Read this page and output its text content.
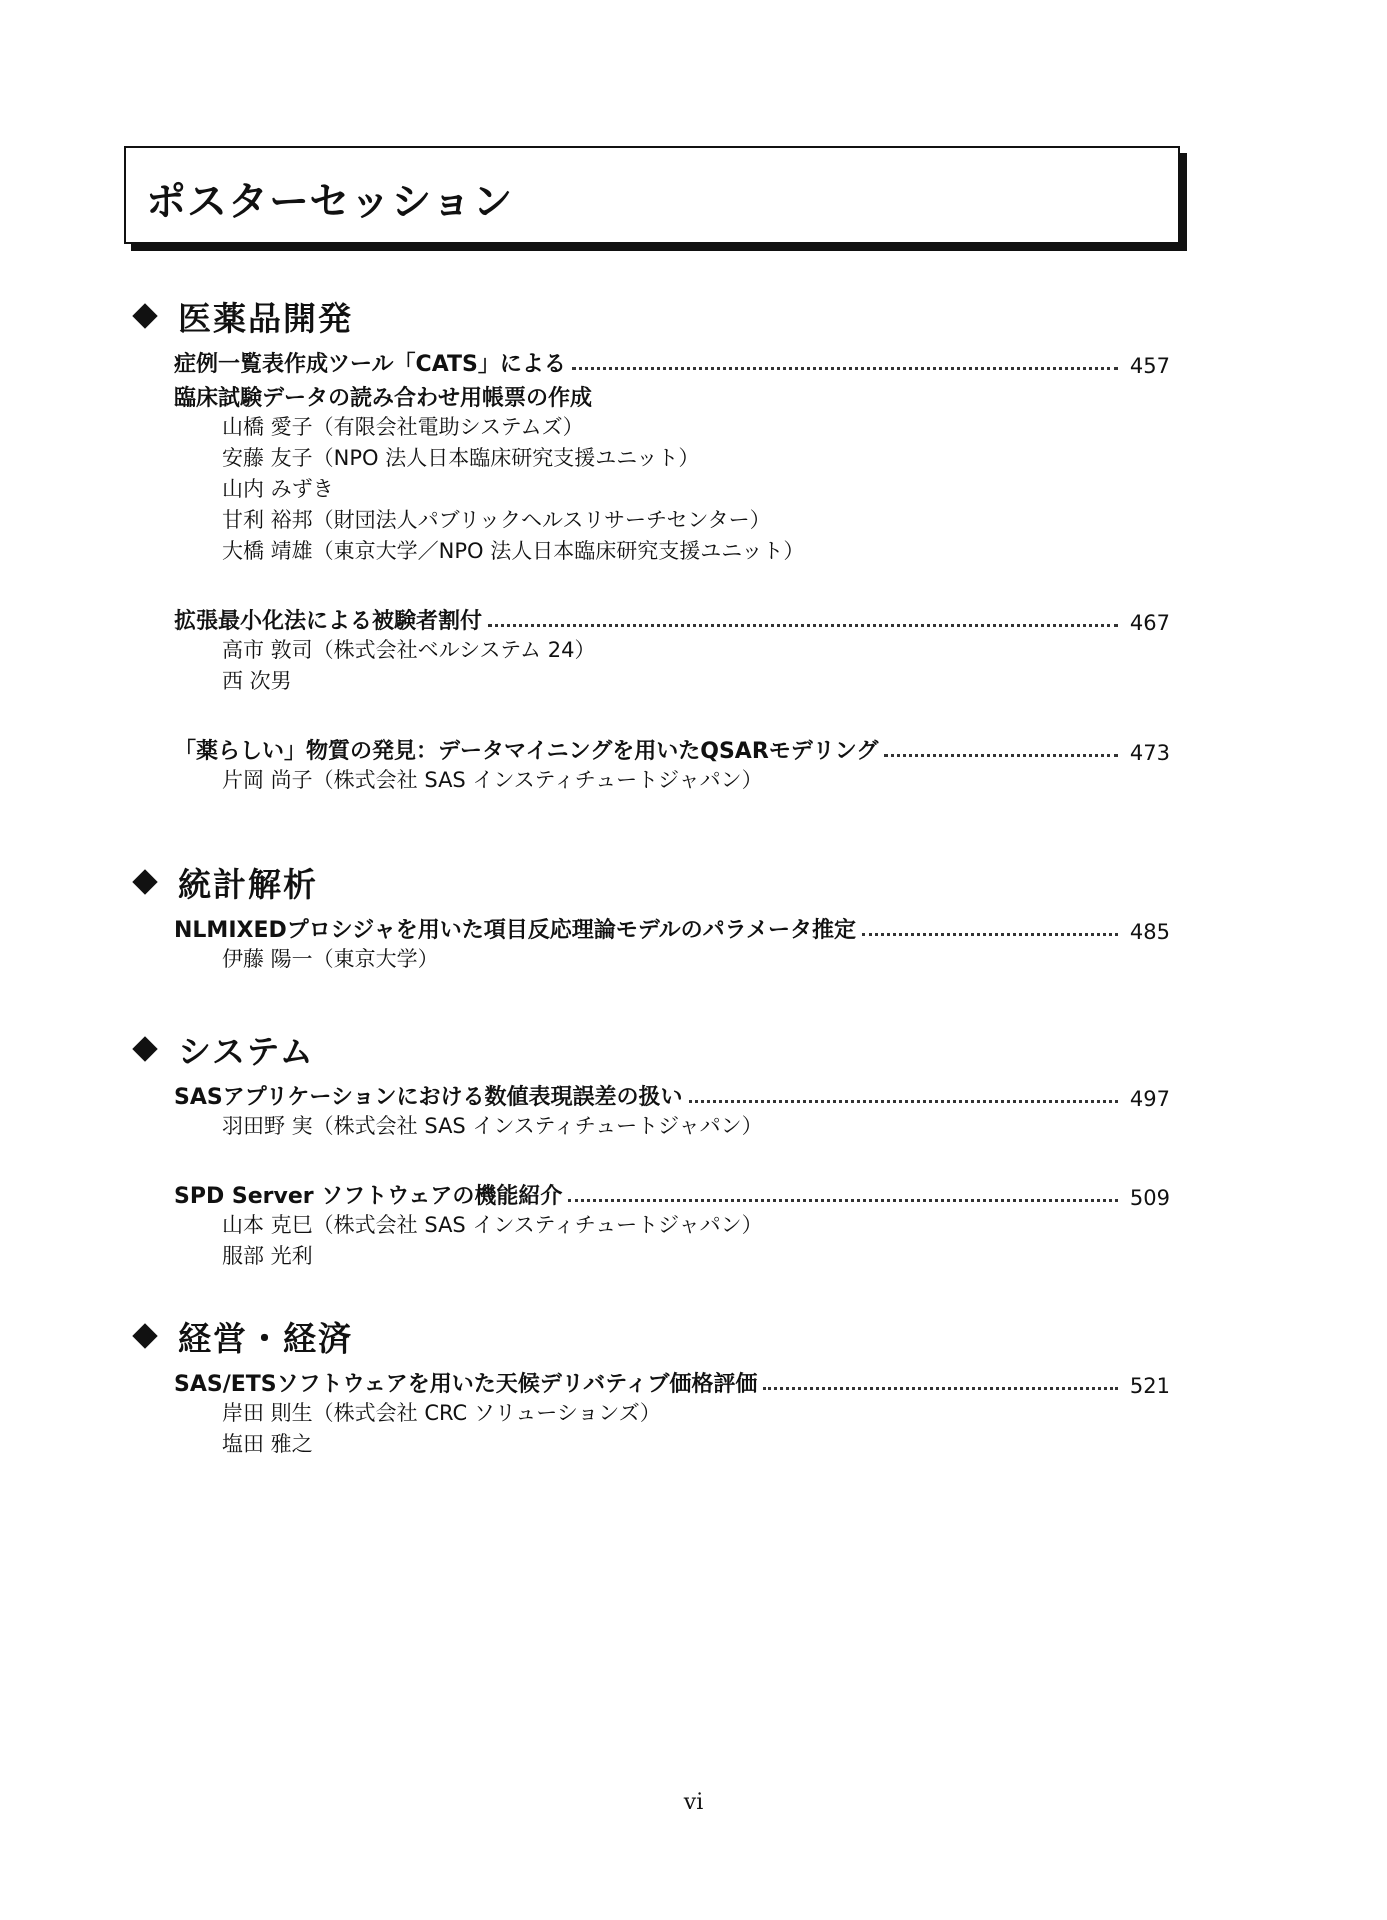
ポスターセッション
医薬品開発
症例一覧表作成ツール「CATS」による	457
臨床試験データの読み合わせ用帳票の作成
山橋 愛子（有限会社電助システムズ）
安藤 友子（NPO 法人日本臨床研究支援ユニット）
山内 みずき
甘利 裕邦（財団法人パブリックヘルスリサーチセンター）
大橋 靖雄（東京大学／NPO 法人日本臨床研究支援ユニット）
拡張最小化法による被験者割付	467
高市 敦司（株式会社ベルシステム 24）
西 次男
「薬らしい」物質の発見：データマイニングを用いたQSARモデリング	473
片岡 尚子（株式会社 SAS インスティチュートジャパン）
統計解析
NLMIXEDプロシジャを用いた項目反応理論モデルのパラメータ推定	485
伊藤 陽一（東京大学）
システム
SASアプリケーションにおける数値表現誤差の扱い	497
羽田野 実（株式会社 SAS インスティチュートジャパン）
SPD Server ソフトウェアの機能紹介	509
山本 克巳（株式会社 SAS インスティチュートジャパン）
服部 光利
経営・経済
SAS/ETSソフトウェアを用いた天候デリバティブ価格評価	521
岸田 則生（株式会社 CRC ソリューションズ）
塩田 雅之
vi
